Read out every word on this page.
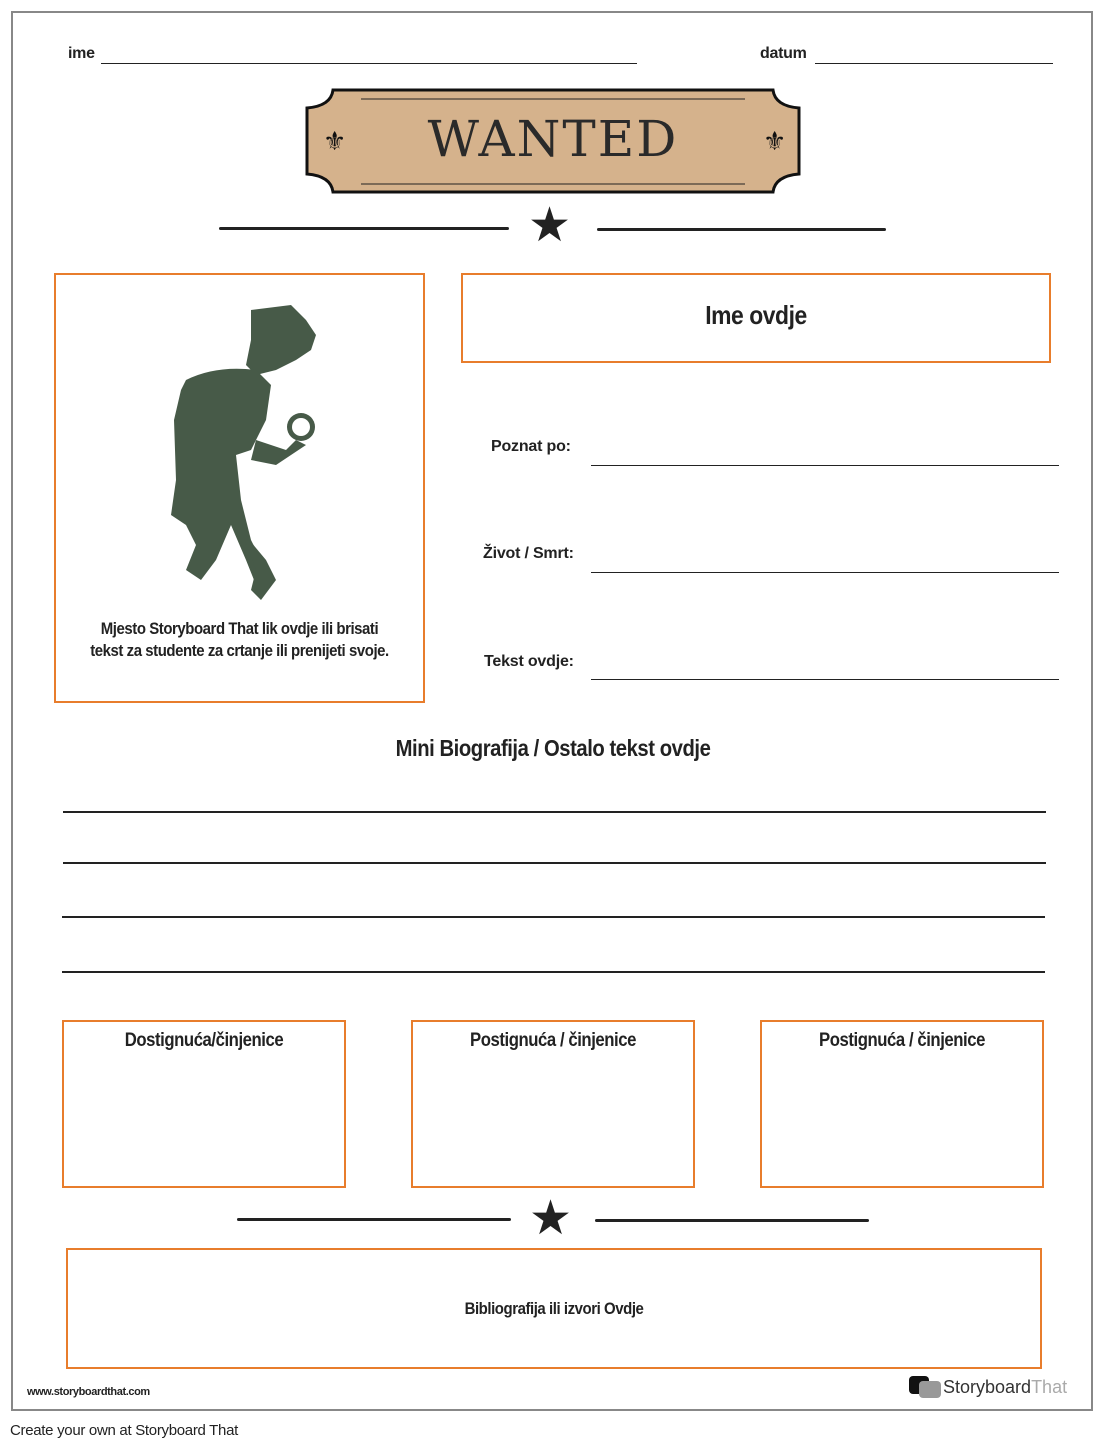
ime	datum
⚜	⚜
WANTED
★
Mjesto Storyboard That lik ovdje ili brisati tekst za studente za crtanje ili prenijeti svoje.
Ime ovdje
Poznat po:
Život / Smrt:
Tekst ovdje:
Mini Biografija / Ostalo tekst ovdje
Dostignuća/činjenice	Postignuća / činjenice	Postignuća / činjenice
★
Bibliografija ili izvori Ovdje
www.storyboardthat.com	Storyboard That
Create your own at Storyboard That
